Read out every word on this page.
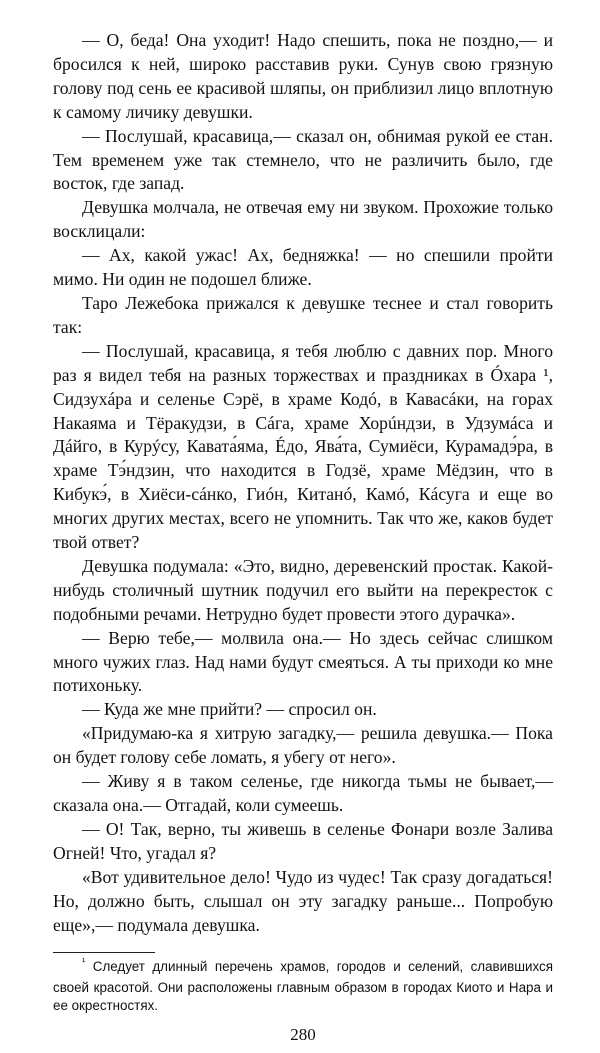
— О, беда! Она уходит! Надо спешить, пока не поздно,— и бросился к ней, широко расставив руки. Сунув свою грязную голову под сень ее красивой шляпы, он приблизил лицо вплотную к самому личику девушки.

— Послушай, красавица,— сказал он, обнимая рукой ее стан. Тем временем уже так стемнело, что не различить было, где восток, где запад.

Девушка молчала, не отвечая ему ни звуком. Прохожие только восклицали:

— Ах, какой ужас! Ах, бедняжка! — но спешили пройти мимо. Ни один не подошел ближе.

Таро Лежебока прижался к девушке теснее и стал говорить так:

— Послушай, красавица, я тебя люблю с давних пор. Много раз я видел тебя на разных торжествах и праздниках в Óхара ¹, Сидзухáра и селенье Сэрё, в храме Кодó, в Кавасáки, на горах Накаяма и Тёракудзи, в Сáга, храме Хорúндзи, в Удзумáса и Дáйго, в Курýсу, Кавата́яма, Éдо, Ява́та, Сумиёси, Курамадэ́ра, в храме Тэ́ндзин, что находится в Годзё, храме Мёдзин, что в Кибукэ́, в Хиёси-сáнко, Гиóн, Китанó, Камó, Кáсуга и еще во многих других местах, всего не упомнить. Так что же, каков будет твой ответ?

Девушка подумала: «Это, видно, деревенский простак. Какой-нибудь столичный шутник подучил его выйти на перекресток с подобными речами. Нетрудно будет провести этого дурачка».

— Верю тебе,— молвила она.— Но здесь сейчас слишком много чужих глаз. Над нами будут смеяться. А ты приходи ко мне потихоньку.

— Куда же мне прийти? — спросил он.

«Придумаю-ка я хитрую загадку,— решила девушка.— Пока он будет голову себе ломать, я убегу от него».

— Живу я в таком селенье, где никогда тьмы не бывает,— сказала она.— Отгадай, коли сумеешь.

— О! Так, верно, ты живешь в селенье Фонари возле Залива Огней! Что, угадал я?

«Вот удивительное дело! Чудо из чудес! Так сразу догадаться! Но, должно быть, слышал он эту загадку раньше... Попробую еще»,— подумала девушка.

$^{^1}$ Следует длинный перечень храмов, городов и селений, славившихся своей красотой. Они расположены главным образом в городах Киото и Нара и ее окрестностях.

280
